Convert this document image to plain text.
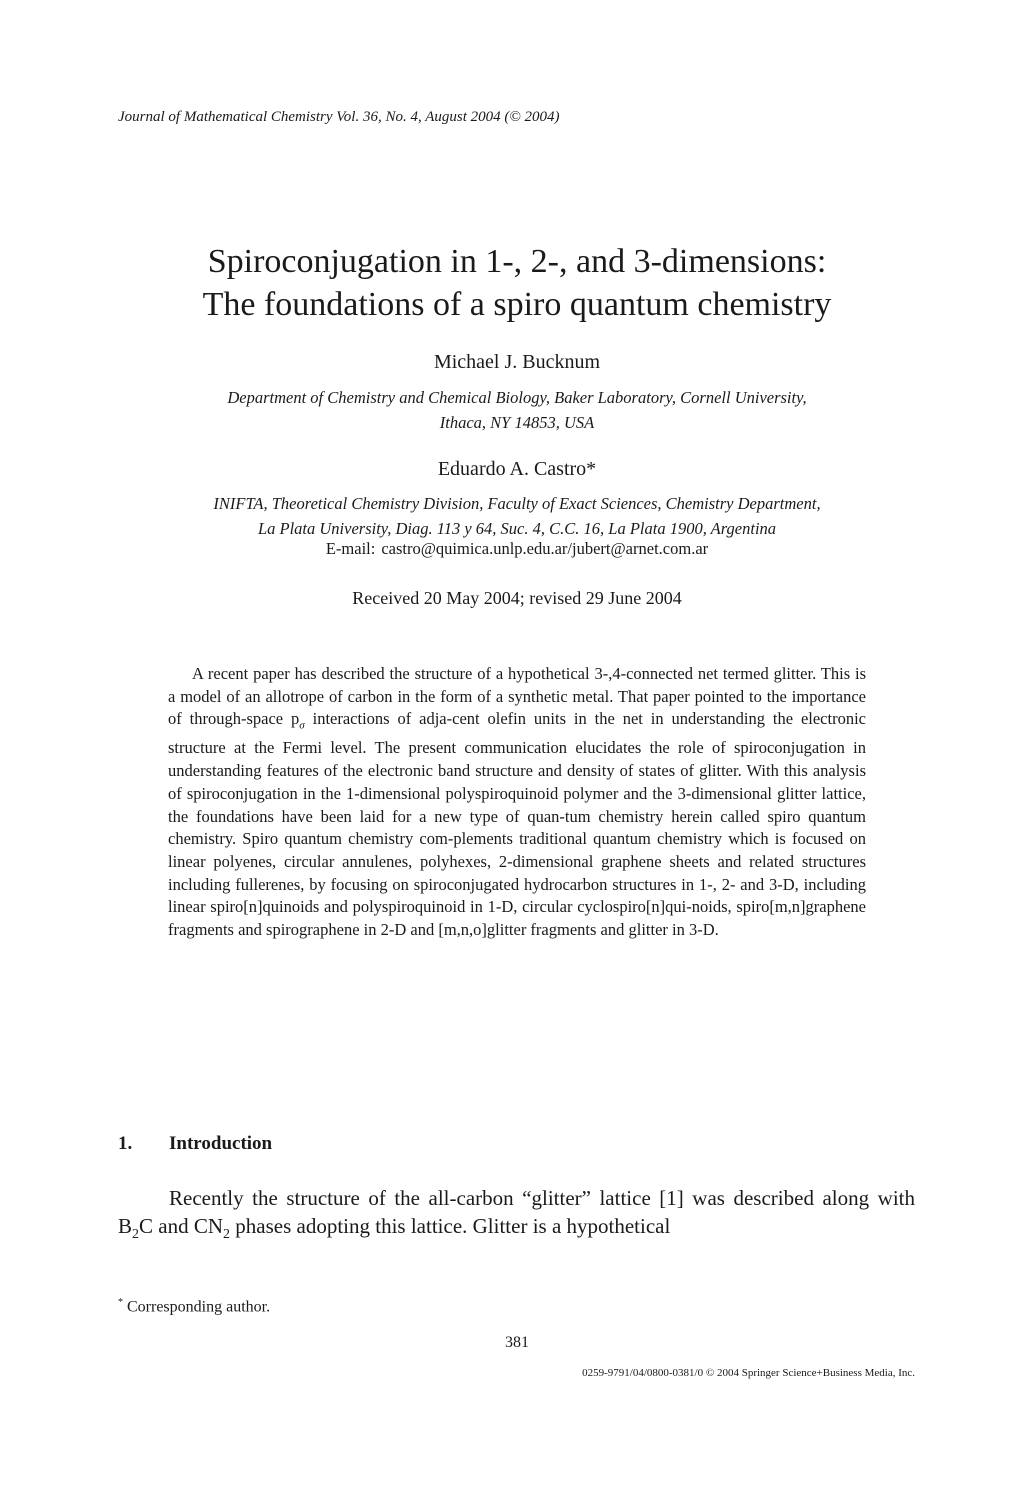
Journal of Mathematical Chemistry Vol. 36, No. 4, August 2004 (© 2004)
Spiroconjugation in 1-, 2-, and 3-dimensions:
The foundations of a spiro quantum chemistry
Michael J. Bucknum
Department of Chemistry and Chemical Biology, Baker Laboratory, Cornell University,
Ithaca, NY 14853, USA
Eduardo A. Castro*
INIFTA, Theoretical Chemistry Division, Faculty of Exact Sciences, Chemistry Department,
La Plata University, Diag. 113 y 64, Suc. 4, C.C. 16, La Plata 1900, Argentina
E-mail: castro@quimica.unlp.edu.ar/jubert@arnet.com.ar
Received 20 May 2004; revised 29 June 2004
A recent paper has described the structure of a hypothetical 3-,4-connected net termed glitter. This is a model of an allotrope of carbon in the form of a synthetic metal. That paper pointed to the importance of through-space $p_\sigma$ interactions of adja-cent olefin units in the net in understanding the electronic structure at the Fermi level. The present communication elucidates the role of spiroconjugation in understanding features of the electronic band structure and density of states of glitter. With this analysis of spiroconjugation in the 1-dimensional polyspiroquinoid polymer and the 3-dimensional glitter lattice, the foundations have been laid for a new type of quan-tum chemistry herein called spiro quantum chemistry. Spiro quantum chemistry com-plements traditional quantum chemistry which is focused on linear polyenes, circular annulenes, polyhexes, 2-dimensional graphene sheets and related structures including fullerenes, by focusing on spiroconjugated hydrocarbon structures in 1-, 2- and 3-D, including linear spiro[n]quinoids and polyspiroquinoid in 1-D, circular cyclospiro[n]qui-noids, spiro[m,n]graphene fragments and spirographene in 2-D and [m,n,o]glitter fragments and glitter in 3-D.
1. Introduction
Recently the structure of the all-carbon “glitter” lattice [1] was described along with $B_2C$ and $CN_2$ phases adopting this lattice. Glitter is a hypothetical
* Corresponding author.
381
0259-9791/04/0800-0381/0 © 2004 Springer Science+Business Media, Inc.
